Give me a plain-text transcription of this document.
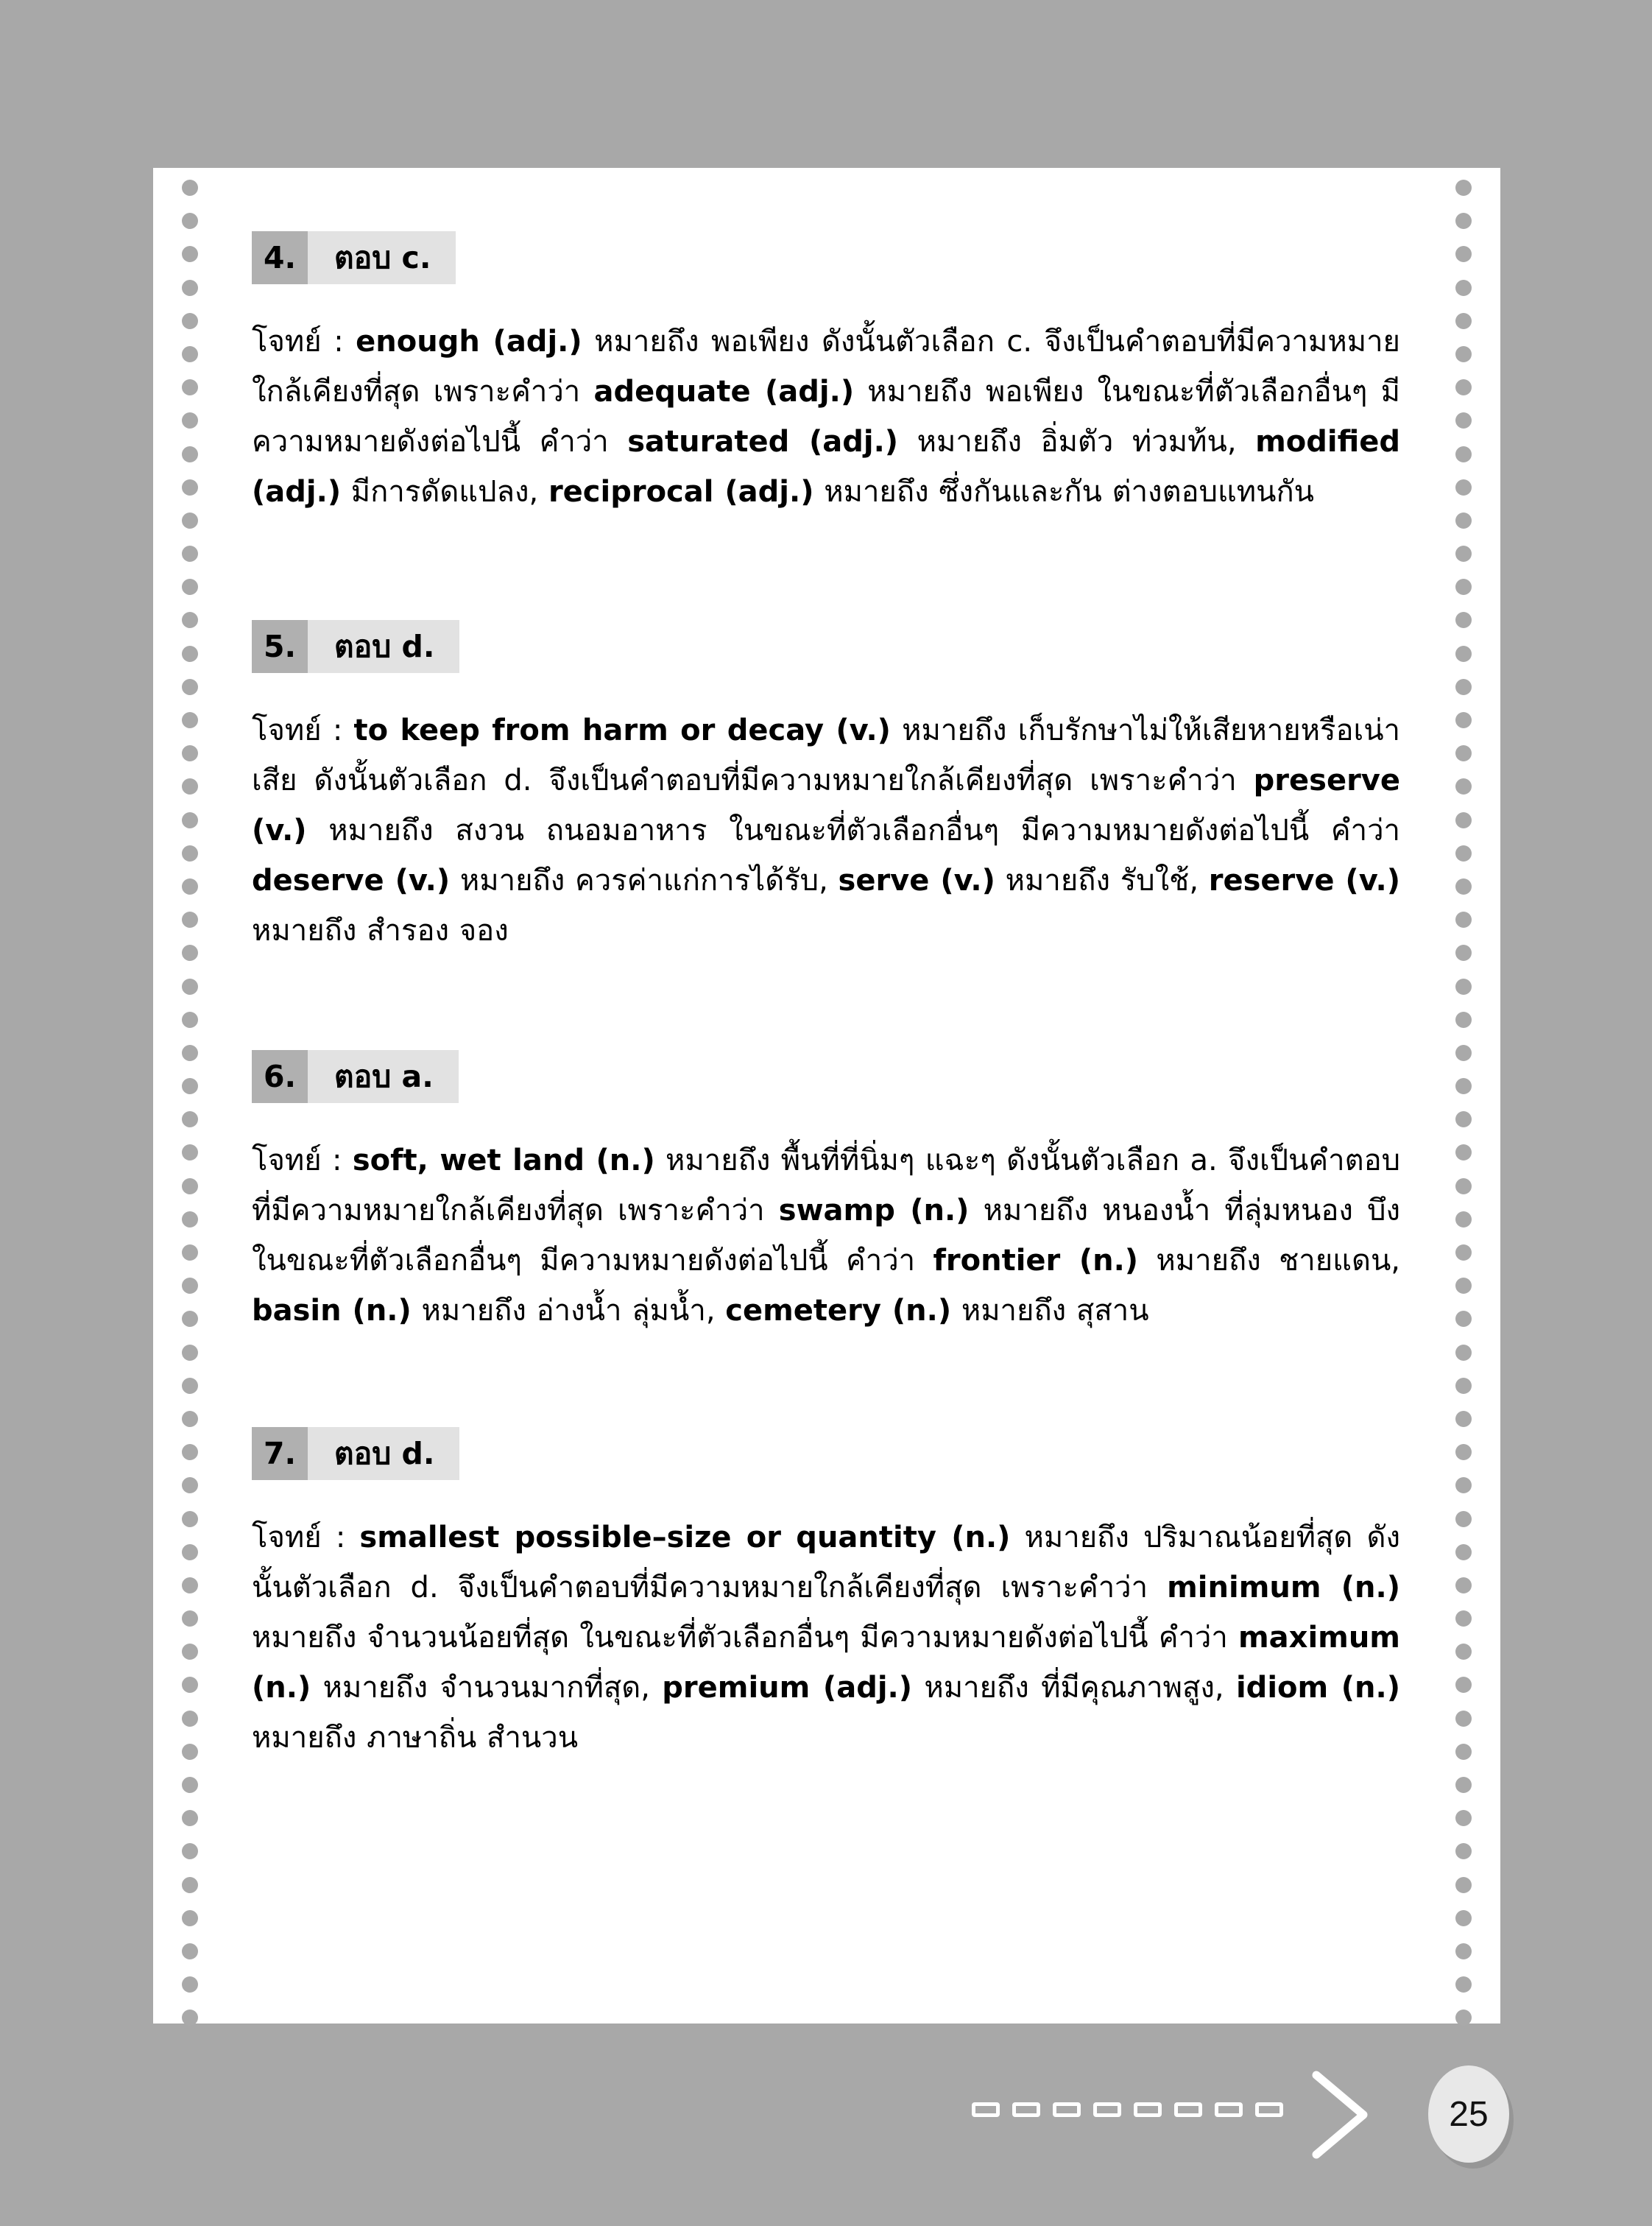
4.	ตอบ c.
โจทย์ : enough (adj.) หมายถึง พอเพียง ดังนั้นตัวเลือก c. จึงเป็นคำตอบที่มีความหมายใกล้เคียงที่สุด เพราะคำว่า adequate (adj.) หมายถึง พอเพียง ในขณะที่ตัวเลือกอื่นๆ มีความหมายดังต่อไปนี้ คำว่า saturated (adj.) หมายถึง อิ่มตัว ท่วมท้น, modified (adj.) มีการดัดแปลง, reciprocal (adj.) หมายถึง ซึ่งกันและกัน ต่างตอบแทนกัน
5.	ตอบ d.
โจทย์ : to keep from harm or decay (v.) หมายถึง เก็บรักษาไม่ให้เสียหายหรือเน่าเสีย ดังนั้นตัวเลือก d. จึงเป็นคำตอบที่มีความหมายใกล้เคียงที่สุด เพราะคำว่า preserve (v.) หมายถึง สงวน ถนอมอาหาร ในขณะที่ตัวเลือกอื่นๆ มีความหมายดังต่อไปนี้ คำว่า deserve (v.) หมายถึง ควรค่าแก่การได้รับ, serve (v.) หมายถึง รับใช้, reserve (v.) หมายถึง สำรอง จอง
6.	ตอบ a.
โจทย์ : soft, wet land (n.) หมายถึง พื้นที่ที่นิ่มๆ แฉะๆ ดังนั้นตัวเลือก a. จึงเป็นคำตอบที่มีความหมายใกล้เคียงที่สุด เพราะคำว่า swamp (n.) หมายถึง หนองน้ำ ที่ลุ่มหนอง บึง ในขณะที่ตัวเลือกอื่นๆ มีความหมายดังต่อไปนี้ คำว่า frontier (n.) หมายถึง ชายแดน, basin (n.) หมายถึง อ่างน้ำ ลุ่มน้ำ, cemetery (n.) หมายถึง สุสาน
7.	ตอบ d.
โจทย์ : smallest possible–size or quantity (n.) หมายถึง ปริมาณน้อยที่สุด ดังนั้นตัวเลือก d. จึงเป็นคำตอบที่มีความหมายใกล้เคียงที่สุด เพราะคำว่า minimum (n.) หมายถึง จำนวนน้อยที่สุด ในขณะที่ตัวเลือกอื่นๆ มีความหมายดังต่อไปนี้ คำว่า maximum (n.) หมายถึง จำนวนมากที่สุด, premium (adj.) หมายถึง ที่มีคุณภาพสูง, idiom (n.) หมายถึง ภาษาถิ่น สำนวน
25
